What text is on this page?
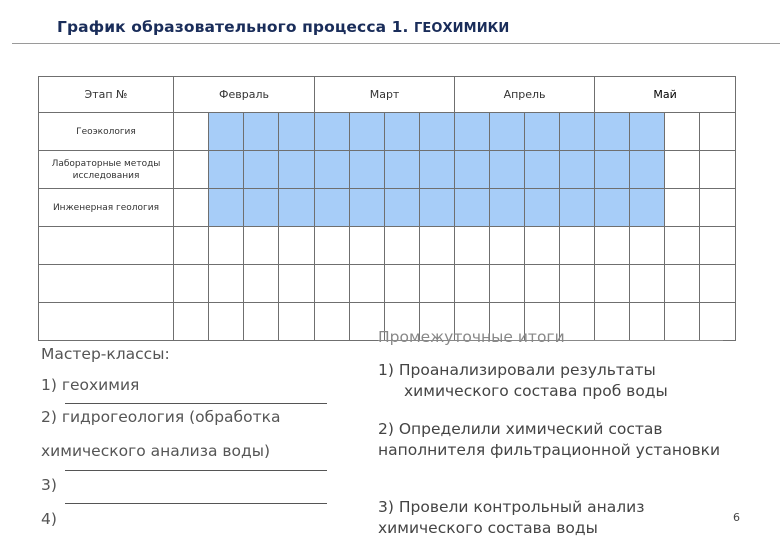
График образовательного процесса 1. ГЕОХИМИКИ
Этап №	Февраль				Март				Апрель				Май			
Геоэкология																
Лабораторные методы исследования																
Инженерная геология																

Мастер-классы:
1) геохимия
2) гидрогеология (обработка
химического анализа воды)
3)
4)
Промежуточные итоги
1) Проанализировали результаты химического состава проб воды
2) Определили химический состав наполнителя фильтрационной установки
3) Провели контрольный анализ химического состава воды
6
